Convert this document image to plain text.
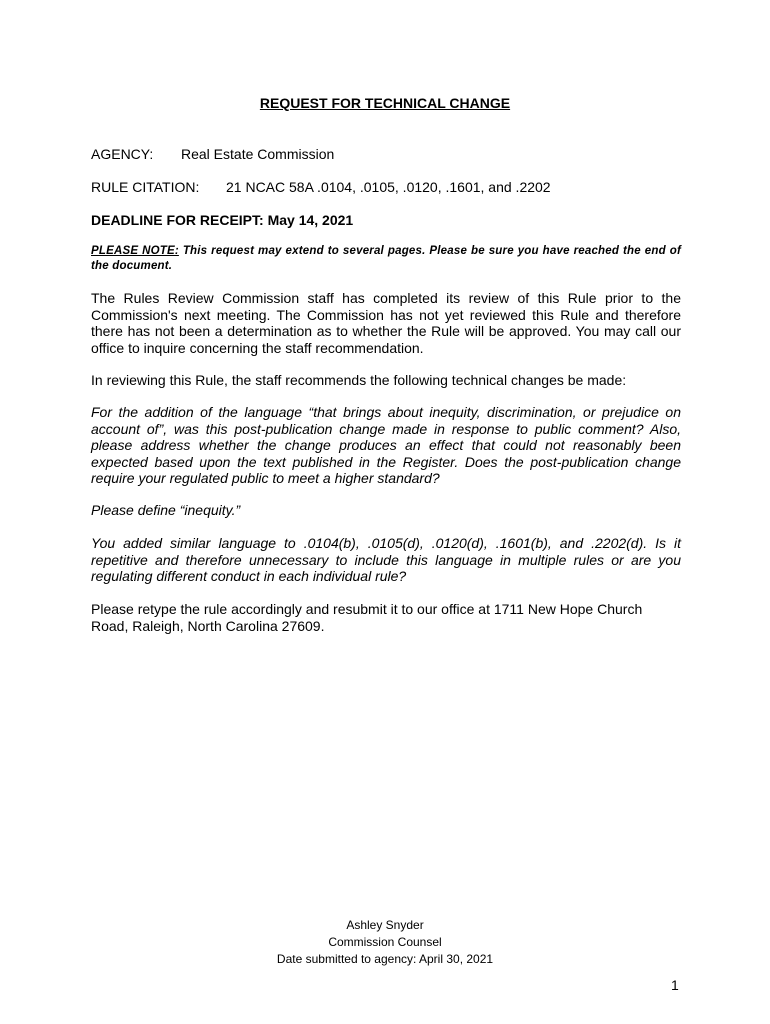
REQUEST FOR TECHNICAL CHANGE
AGENCY: Real Estate Commission
RULE CITATION: 21 NCAC 58A .0104, .0105, .0120, .1601, and .2202
DEADLINE FOR RECEIPT: May 14, 2021
PLEASE NOTE: This request may extend to several pages. Please be sure you have reached the end of the document.

The Rules Review Commission staff has completed its review of this Rule prior to the Commission's next meeting. The Commission has not yet reviewed this Rule and therefore there has not been a determination as to whether the Rule will be approved. You may call our office to inquire concerning the staff recommendation.

In reviewing this Rule, the staff recommends the following technical changes be made:

For the addition of the language “that brings about inequity, discrimination, or prejudice on account of”, was this post-publication change made in response to public comment? Also, please address whether the change produces an effect that could not reasonably been expected based upon the text published in the Register. Does the post-publication change require your regulated public to meet a higher standard?

Please define “inequity.”

You added similar language to .0104(b), .0105(d), .0120(d), .1601(b), and .2202(d). Is it repetitive and therefore unnecessary to include this language in multiple rules or are you regulating different conduct in each individual rule?

Please retype the rule accordingly and resubmit it to our office at 1711 New Hope Church Road, Raleigh, North Carolina 27609.

Ashley Snyder
Commission Counsel
Date submitted to agency: April 30, 2021
1
